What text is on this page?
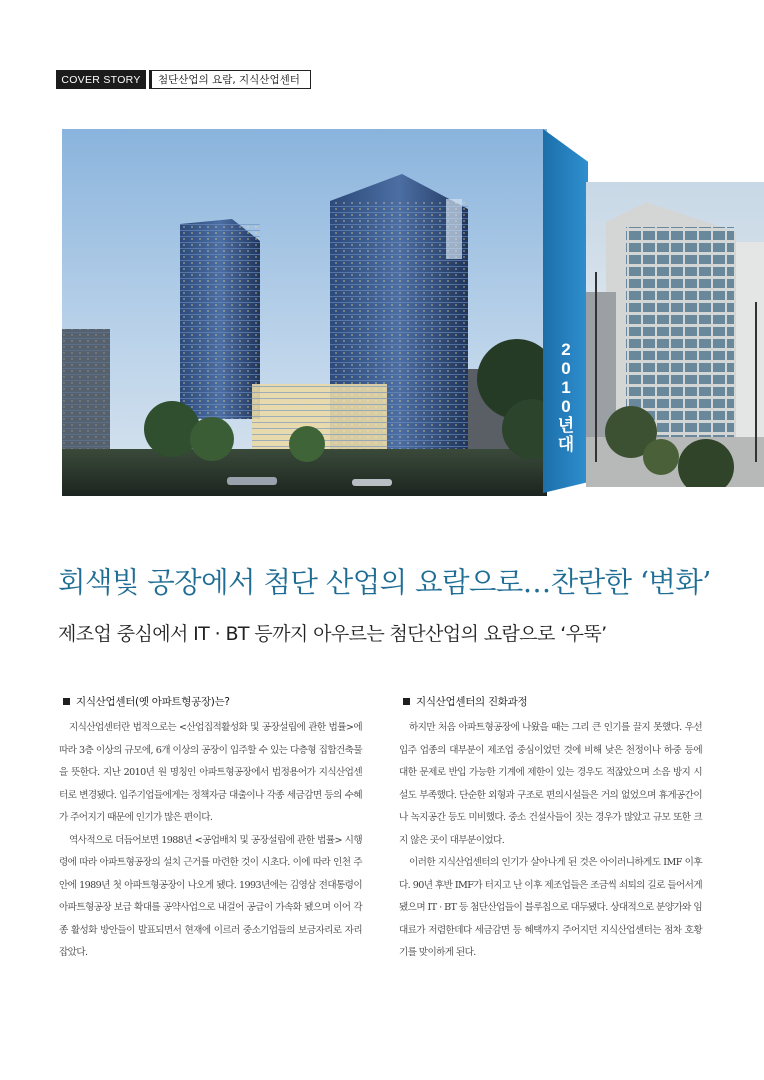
COVER STORY	첨단산업의 요람, 지식산업센터
2
0
1
0
년
대
회색빛 공장에서 첨단 산업의 요람으로…찬란한 ‘변화’
제조업 중심에서 IT · BT 등까지 아우르는 첨단산업의 요람으로 ‘우뚝’
지식산업센터(옛 아파트형공장)는?

지식산업센터란 법적으로는 <산업집적활성화 및 공장설립에 관한 법률>에 따라 3층 이상의 규모에, 6개 이상의 공장이 입주할 수 있는 다층형 집합건축물을 뜻한다. 지난 2010년 원 명칭인 아파트형공장에서 법정용어가 지식산업센터로 변경됐다. 입주기업들에게는 정책자금 대출이나 각종 세금감면 등의 수혜가 주어지기 때문에 인기가 많은 편이다.

역사적으로 더듬어보면 1988년 <공업배치 및 공장설립에 관한 법률> 시행령에 따라 아파트형공장의 설치 근거를 마련한 것이 시초다. 이에 따라 인천 주안에 1989년 첫 아파트형공장이 나오게 됐다. 1993년에는 김영삼 전대통령이 아파트형공장 보급 확대를 공약사업으로 내걸어 공급이 가속화 됐으며 이어 각종 활성화 방안들이 발표되면서 현재에 이르러 중소기업들의 보금자리로 자리 잡았다.

지식산업센터의 진화과정

하지만 처음 아파트형공장에 나왔을 때는 그리 큰 인기를 끌지 못했다. 우선 입주 업종의 대부분이 제조업 중심이었던 것에 비해 낮은 천정이나 하중 등에 대한 문제로 반입 가능한 기계에 제한이 있는 경우도 적잖았으며 소음 방지 시설도 부족했다. 단순한 외형과 구조로 편의시설들은 거의 없었으며 휴게공간이나 녹지공간 등도 미비했다. 중소 건설사들이 짓는 경우가 많았고 규모 또한 크지 않은 곳이 대부분이었다.

이러한 지식산업센터의 인기가 살아나게 된 것은 아이러니하게도 IMF 이후다. 90년 후반 IMF가 터지고 난 이후 제조업들은 조금씩 쇠퇴의 길로 들어서게 됐으며 IT · BT 등 첨단산업들이 블루칩으로 대두됐다. 상대적으로 분양가와 임대료가 저렴한데다 세금감면 등 혜택까지 주어지던 지식산업센터는 점차 호황기를 맞이하게 된다.
